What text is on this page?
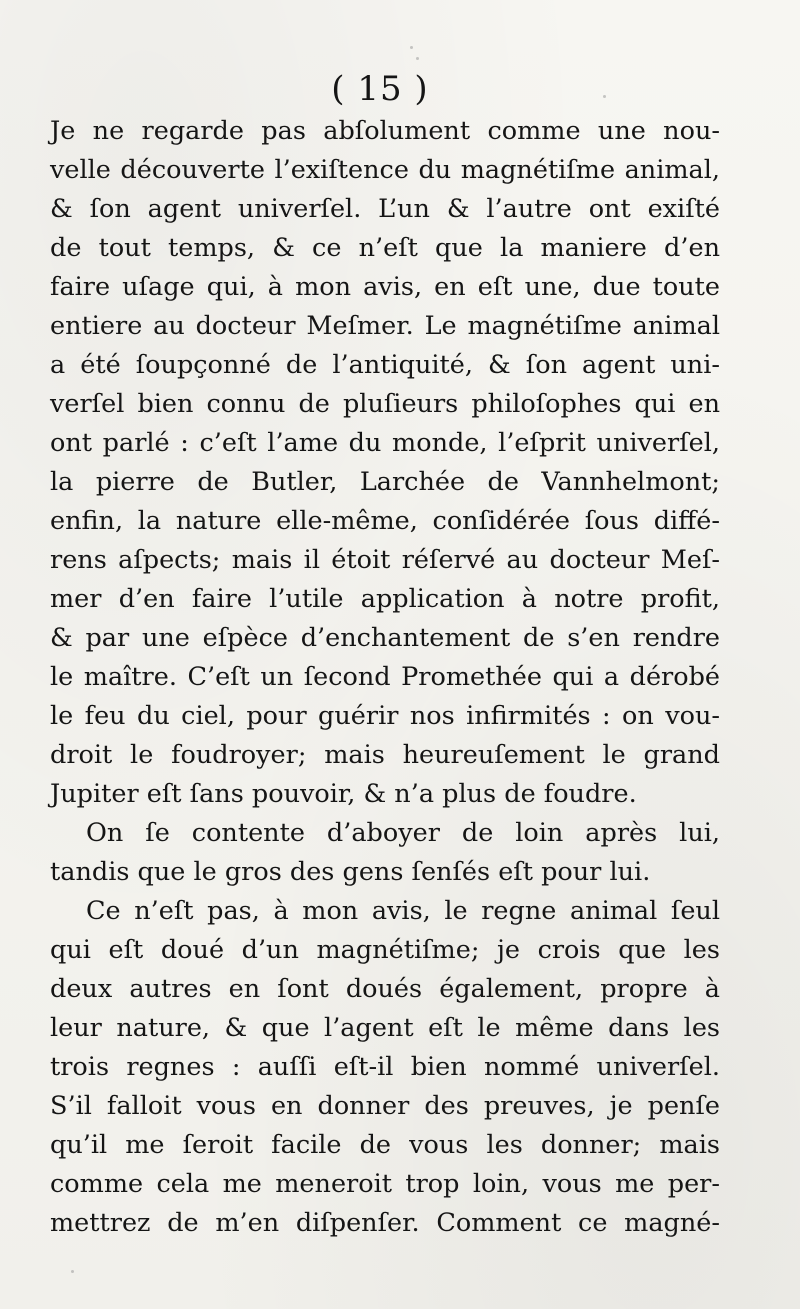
( 15 )
Je ne regarde pas abſolument comme une nou-
velle découverte l’exiſtence du magnétiſme animal,
& ſon agent univerſel. L’un & l’autre ont exiſté
de tout temps, & ce n’eſt que la maniere d’en
faire uſage qui, à mon avis, en eſt une, due toute
entiere au docteur Meſmer. Le magnétiſme animal
a été ſoupçonné de l’antiquité, & ſon agent uni-
verſel bien connu de pluſieurs philoſophes qui en
ont parlé : c’eſt l’ame du monde, l’eſprit univerſel,
la pierre de Butler, Larchée de Vannhelmont;
enfin, la nature elle-même, conſidérée ſous diffé-
rens aſpects; mais il étoit réſervé au docteur Meſ-
mer d’en faire l’utile application à notre profit,
& par une eſpèce d’enchantement de s’en rendre
le maître. C’eſt un ſecond Promethée qui a dérobé
le feu du ciel, pour guérir nos infirmités : on vou-
droit le foudroyer; mais heureuſement le grand
Jupiter eſt ſans pouvoir, & n’a plus de foudre.
On ſe contente d’aboyer de loin après lui,
tandis que le gros des gens ſenſés eſt pour lui.
Ce n’eſt pas, à mon avis, le regne animal ſeul
qui eſt doué d’un magnétiſme; je crois que les
deux autres en ſont doués également, propre à
leur nature, & que l’agent eſt le même dans les
trois regnes : auſſi eſt-il bien nommé univerſel.
S’il falloit vous en donner des preuves, je penſe
qu’il me ſeroit facile de vous les donner; mais
comme cela me meneroit trop loin, vous me per-
mettrez de m’en diſpenſer. Comment ce magné-
